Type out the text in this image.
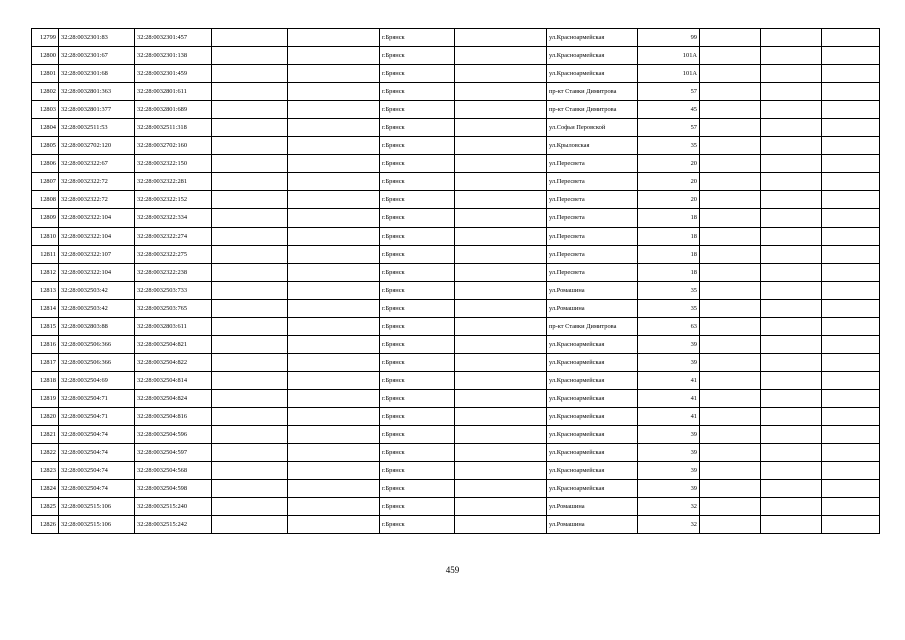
12799	32:28:0032301:83	32:28:0032301:457			г.Брянск		ул.Красноармейская	99			
12800	32:28:0032301:67	32:28:0032301:138			г.Брянск		ул.Красноармейская	101А			
12801	32:28:0032301:68	32:28:0032301:459			г.Брянск		ул.Красноармейская	101А			
12802	32:28:0032801:363	32:28:0032801:611			г.Брянск		пр-кт Ставки Димитрова	57			
12803	32:28:0032801:377	32:28:0032801:689			г.Брянск		пр-кт Ставки Димитрова	45			
12804	32:28:0032511:53	32:28:0032511:318			г.Брянск		ул.Софьи Перовской	57			
12805	32:28:0032702:120	32:28:0032702:160			г.Брянск		ул.Крыловская	35			
12806	32:28:0032322:67	32:28:0032322:150			г.Брянск		ул.Пересвета	20			
12807	32:28:0032322:72	32:28:0032322:281			г.Брянск		ул.Пересвета	20			
12808	32:28:0032322:72	32:28:0032322:152			г.Брянск		ул.Пересвета	20			
12809	32:28:0032322:104	32:28:0032322:334			г.Брянск		ул.Пересвета	18			
12810	32:28:0032322:104	32:28:0032322:274			г.Брянск		ул.Пересвета	18			
12811	32:28:0032322:107	32:28:0032322:275			г.Брянск		ул.Пересвета	18			
12812	32:28:0032322:104	32:28:0032322:238			г.Брянск		ул.Пересвета	18			
12813	32:28:0032503:42	32:28:0032503:733			г.Брянск		ул.Ромашина	35			
12814	32:28:0032503:42	32:28:0032503:765			г.Брянск		ул.Ромашина	35			
12815	32:28:0032803:88	32:28:0032803:611			г.Брянск		пр-кт Ставки Димитрова	63			
12816	32:28:0032506:366	32:28:0032504:821			г.Брянск		ул.Красноармейская	39			
12817	32:28:0032506:366	32:28:0032504:822			г.Брянск		ул.Красноармейская	39			
12818	32:28:0032504:69	32:28:0032504:814			г.Брянск		ул.Красноармейская	41			
12819	32:28:0032504:71	32:28:0032504:824			г.Брянск		ул.Красноармейская	41			
12820	32:28:0032504:71	32:28:0032504:816			г.Брянск		ул.Красноармейская	41			
12821	32:28:0032504:74	32:28:0032504:596			г.Брянск		ул.Красноармейская	39			
12822	32:28:0032504:74	32:28:0032504:597			г.Брянск		ул.Красноармейская	39			
12823	32:28:0032504:74	32:28:0032504:568			г.Брянск		ул.Красноармейская	39			
12824	32:28:0032504:74	32:28:0032504:598			г.Брянск		ул.Красноармейская	39			
12825	32:28:0032515:106	32:28:0032515:240			г.Брянск		ул.Ромашина	32			
12826	32:28:0032515:106	32:28:0032515:242			г.Брянск		ул.Ромашина	32			
459
